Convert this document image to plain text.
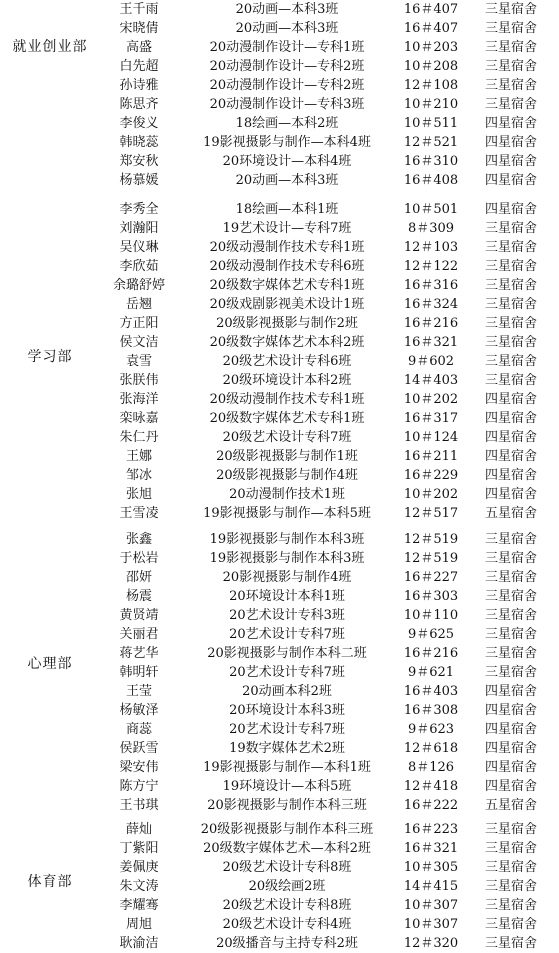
就业创业部
王千雨	20动画—本科3班	16＃407	三星宿舍
宋晓倩	20动画—本科3班	16＃407	三星宿舍
高盛	20动漫制作设计—专科1班	10＃203	三星宿舍
白先超	20动漫制作设计—专科2班	10＃208	三星宿舍
孙诗雅	20动漫制作设计—专科2班	12＃108	三星宿舍
陈思齐	20动漫制作设计—专科3班	10＃210	三星宿舍
李俊义	18绘画—本科2班	10＃511	四星宿舍
韩晓蕊	19影视摄影与制作—本科4班	12＃521	四星宿舍
郑安秋	20环境设计—本科4班	16＃310	四星宿舍
杨慕媛	20动画—本科3班	16＃408	四星宿舍
学习部
李秀全	18绘画—本科1班	10＃501	四星宿舍
刘瀚阳	19艺术设计—专科7班	8＃309	三星宿舍
吴仪琳	20级动漫制作技术专科1班	12＃103	三星宿舍
李欣茹	20级动漫制作技术专科6班	12＃122	三星宿舍
余璐舒婷	20级数字媒体艺术专科1班	16＃316	三星宿舍
岳翘	20级戏剧影视美术设计1班	16＃324	三星宿舍
方正阳	20级影视摄影与制作2班	16＃216	三星宿舍
侯文洁	20级数字媒体艺术本科2班	16＃321	三星宿舍
袁雪	20级艺术设计专科6班	9＃602	三星宿舍
张朕伟	20级环境设计本科2班	14＃403	三星宿舍
张海洋	20级动漫制作技术专科1班	10＃202	四星宿舍
栾咏嘉	20级数字媒体艺术专科1班	16＃317	四星宿舍
朱仁丹	20级艺术设计专科7班	10＃124	四星宿舍
王娜	20级影视摄影与制作1班	16＃211	四星宿舍
邹冰	20级影视摄影与制作4班	16＃229	四星宿舍
张旭	20动漫制作技术1班	10＃202	四星宿舍
王雪凌	19影视摄影与制作—本科5班	12＃517	五星宿舍
心理部
张鑫	19影视摄影与制作本科3班	12＃519	三星宿舍
于松岩	19影视摄影与制作本科3班	12＃519	三星宿舍
邵妍	20影视摄影与制作4班	16＃227	三星宿舍
杨震	20环境设计本科1班	16＃303	三星宿舍
黄贤靖	20艺术设计专科3班	10＃110	三星宿舍
关丽君	20艺术设计专科7班	9＃625	三星宿舍
蒋艺华	20影视摄影与制作本科二班	16＃216	三星宿舍
韩明轩	20艺术设计专科7班	9＃621	三星宿舍
王莹	20动画本科2班	16＃403	四星宿舍
杨敏泽	20环境设计本科3班	16＃308	四星宿舍
商蕊	20艺术设计专科7班	9＃623	四星宿舍
侯跃雪	19数字媒体艺术2班	12＃618	四星宿舍
梁安伟	19影视摄影与制作—本科1班	8＃126	四星宿舍
陈方宁	19环境设计—本科5班	12＃418	四星宿舍
王书琪	20影视摄影与制作本科三班	16＃222	五星宿舍
体育部
薛灿	20级影视摄影与制作本科三班	16＃223	三星宿舍
丁紫阳	20级数字媒体艺术—本科2班	16＃321	三星宿舍
姜佩庚	20级艺术设计专科8班	10＃305	三星宿舍
朱文涛	20级绘画2班	14＃415	三星宿舍
李耀骞	20级艺术设计专科8班	10＃307	三星宿舍
周旭	20级艺术设计专科4班	10＃307	三星宿舍
耿渝洁	20级播音与主持专科2班	12＃320	三星宿舍
